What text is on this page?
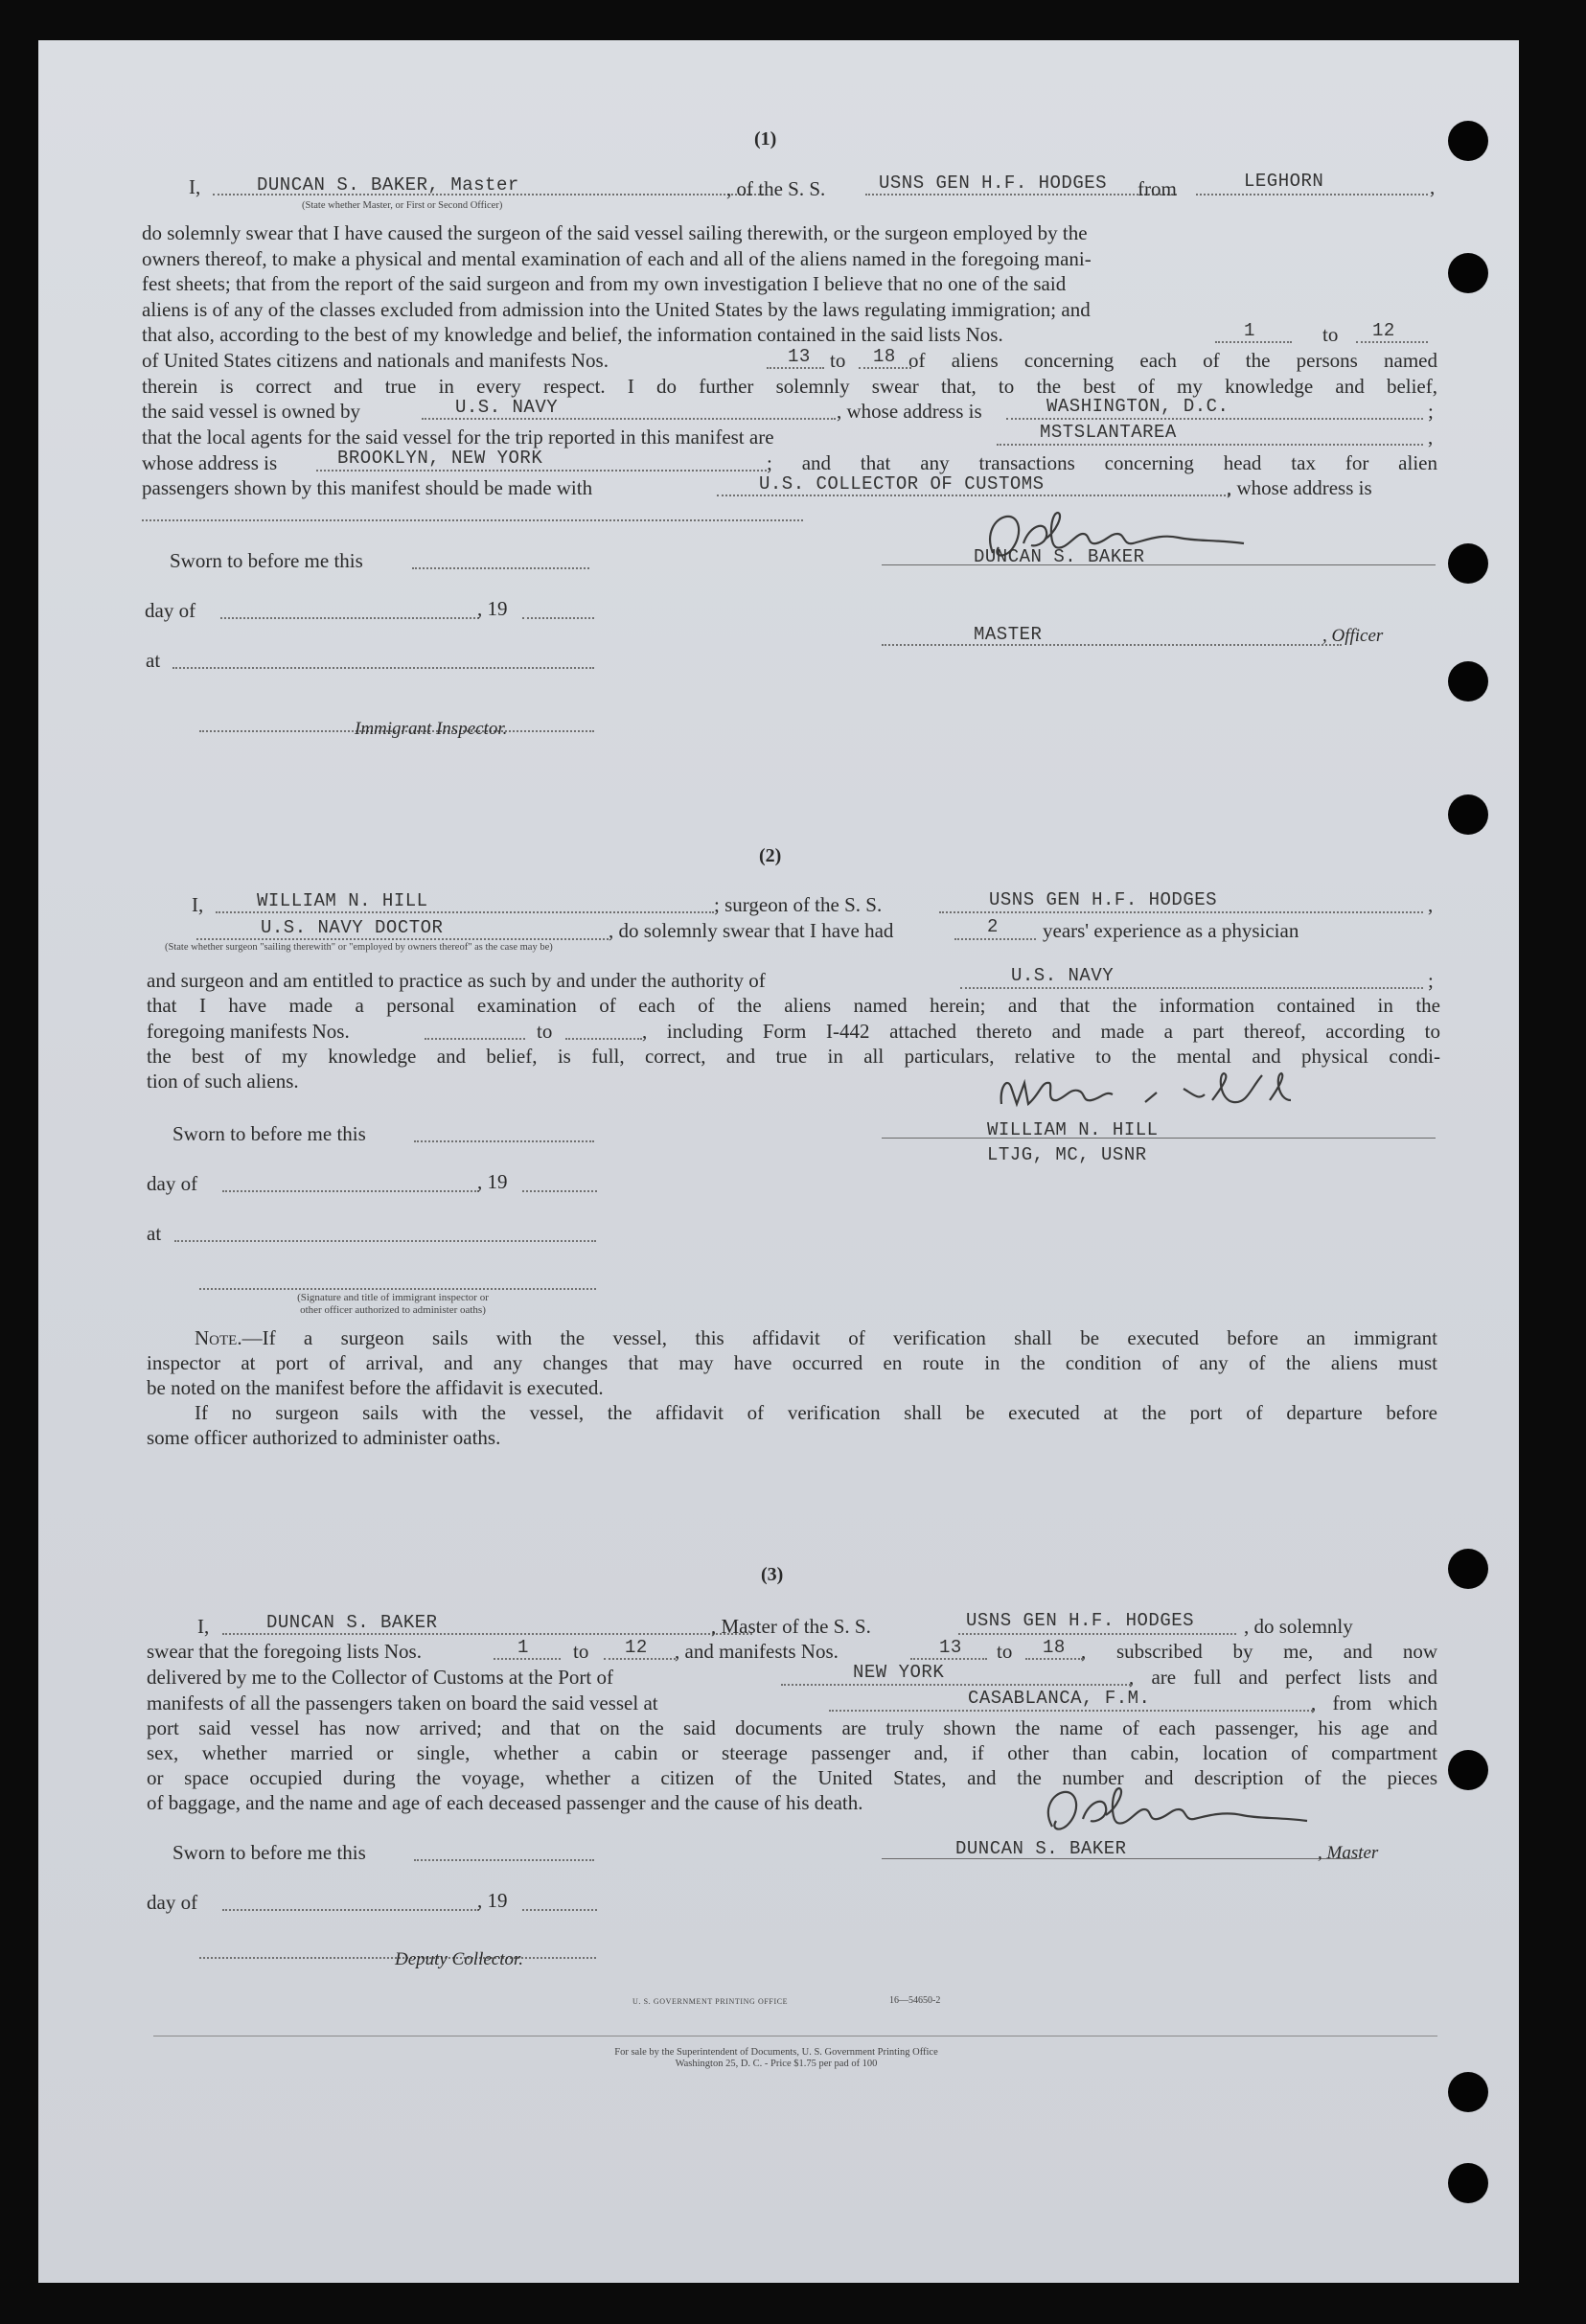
(1)
I,	DUNCAN S. BAKER, Master	, of the S. S.	USNS GEN H.F. HODGES from	LEGHORN	,
(State whether Master, or First or Second Officer)

do solemnly swear that I have caused the surgeon of the said vessel sailing therewith, or the surgeon employed by the

owners thereof, to make a physical and mental examination of each and all of the aliens named in the foregoing mani-

fest sheets; that from the report of the said surgeon and from my own investigation I believe that no one of the said

aliens is of any of the classes excluded from admission into the United States by the laws regulating immigration; and

that also, according to the best of my knowledge and belief, the information contained in the said lists Nos.	1	to 12
of United States citizens and nationals and manifests Nos.	13 to 18 of aliens concerning each of the persons named
therein is correct and true in every respect. I do further solemnly swear that, to the best of my knowledge and belief,
the said vessel is owned by	U.S. NAVY	, whose address is	WASHINGTON, D.C.	;
that the local agents for the said vessel for the trip reported in this manifest are	MSTSLANTAREA	,
whose address is	BROOKLYN, NEW YORK	; and that any transactions concerning head tax for alien
passengers shown by this manifest should be made with	U.S. COLLECTOR OF CUSTOMS	, whose address is
Sworn to before me this	DUNCAN S. BAKER
day of	, 19
MASTER	, Officer
at
Immigrant Inspector.
(2)
I,	WILLIAM N. HILL	; surgeon of the S. S.	USNS GEN H.F. HODGES	,
U.S. NAVY DOCTOR	, do solemnly swear that I have had	2 years' experience as a physician
(State whether surgeon "sailing therewith" or "employed by owners thereof" as the case may be)
and surgeon and am entitled to practice as such by and under the authority of	U.S. NAVY	;
that I have made a personal examination of each of the aliens named herein; and that the information contained in the
foregoing manifests Nos.	to	, including Form I-442 attached thereto and made a part thereof, according to
the best of my knowledge and belief, is full, correct, and true in all particulars, relative to the mental and physical condi-
tion of such aliens.
Sworn to before me this	WILLIAM N. HILL
LTJG, MC, USNR
day of	, 19
at
(Signature and title of immigrant inspector or
other officer authorized to administer oaths)
Note.—If a surgeon sails with the vessel, this affidavit of verification shall be executed before an immigrant
inspector at port of arrival, and any changes that may have occurred en route in the condition of any of the aliens must
be noted on the manifest before the affidavit is executed.
If no surgeon sails with the vessel, the affidavit of verification shall be executed at the port of departure before
some officer authorized to administer oaths.
(3)
I,	DUNCAN S. BAKER	, Master of the S. S.	USNS GEN H.F. HODGES , do solemnly
swear that the foregoing lists Nos.	1 to 12 , and manifests Nos.	13 to 18 , subscribed by me, and now
delivered by me to the Collector of Customs at the Port of	NEW YORK	, are full and perfect lists and
manifests of all the passengers taken on board the said vessel at	CASABLANCA, F.M.	, from which
port said vessel has now arrived; and that on the said documents are truly shown the name of each passenger, his age and
sex, whether married or single, whether a cabin or steerage passenger and, if other than cabin, location of compartment
or space occupied during the voyage, whether a citizen of the United States, and the number and description of the pieces
of baggage, and the name and age of each deceased passenger and the cause of his death.
Sworn to before me this	DUNCAN S. BAKER	, Master
day of	, 19
Deputy Collector.
U. S. GOVERNMENT PRINTING OFFICE	16—54650-2
For sale by the Superintendent of Documents, U. S. Government Printing Office
Washington 25, D. C. - Price $1.75 per pad of 100
